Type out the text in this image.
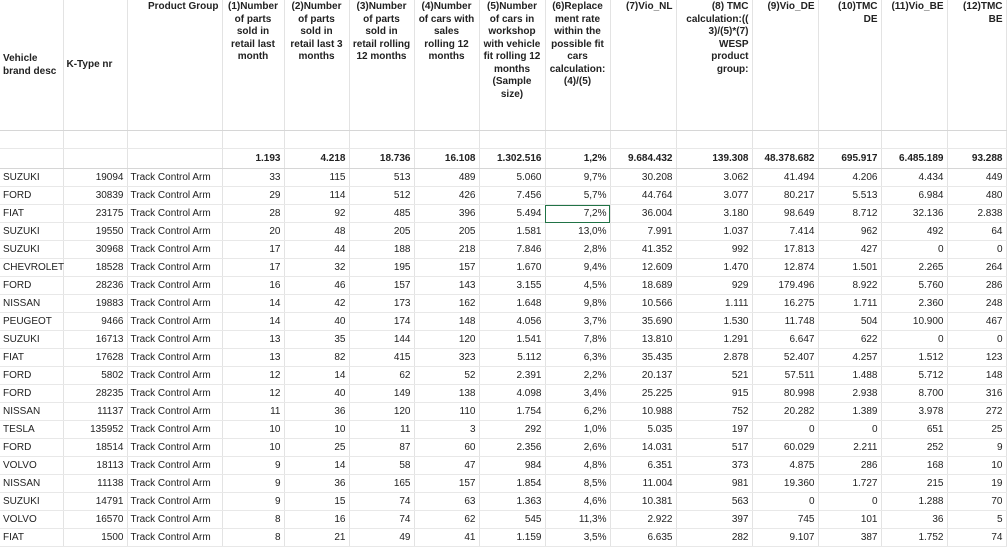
Vehicle brand desc	K-Type nr	Product Group	(1)Number of parts sold in retail last month	(2)Number of parts sold in retail last 3 months	(3)Number of parts sold in retail rolling 12 months	(4)Number of cars with sales rolling 12 months	(5)Number of cars in workshop with vehicle fit rolling 12 months (Sample size)	(6)Replace ment rate within the possible fit cars calculation: (4)/(5)	(7)Vio_NL	(8) TMC calculation:(( 3)/(5)*(7) WESP product group:	(9)Vio_DE	(10)TMC DE	(11)Vio_BE	(12)TMC BE

			1.193	4.218	18.736	16.108	1.302.516	1,2%	9.684.432	139.308	48.378.682	695.917	6.485.189	93.288
SUZUKI	19094	Track Control Arm	33	115	513	489	5.060	9,7%	30.208	3.062	41.494	4.206	4.434	449
FORD	30839	Track Control Arm	29	114	512	426	7.456	5,7%	44.764	3.077	80.217	5.513	6.984	480
FIAT	23175	Track Control Arm	28	92	485	396	5.494	7,2%	36.004	3.180	98.649	8.712	32.136	2.838
SUZUKI	19550	Track Control Arm	20	48	205	205	1.581	13,0%	7.991	1.037	7.414	962	492	64
SUZUKI	30968	Track Control Arm	17	44	188	218	7.846	2,8%	41.352	992	17.813	427	0	0
CHEVROLET	18528	Track Control Arm	17	32	195	157	1.670	9,4%	12.609	1.470	12.874	1.501	2.265	264
FORD	28236	Track Control Arm	16	46	157	143	3.155	4,5%	18.689	929	179.496	8.922	5.760	286
NISSAN	19883	Track Control Arm	14	42	173	162	1.648	9,8%	10.566	1.111	16.275	1.711	2.360	248
PEUGEOT	9466	Track Control Arm	14	40	174	148	4.056	3,7%	35.690	1.530	11.748	504	10.900	467
SUZUKI	16713	Track Control Arm	13	35	144	120	1.541	7,8%	13.810	1.291	6.647	622	0	0
FIAT	17628	Track Control Arm	13	82	415	323	5.112	6,3%	35.435	2.878	52.407	4.257	1.512	123
FORD	5802	Track Control Arm	12	14	62	52	2.391	2,2%	20.137	521	57.511	1.488	5.712	148
FORD	28235	Track Control Arm	12	40	149	138	4.098	3,4%	25.225	915	80.998	2.938	8.700	316
NISSAN	11137	Track Control Arm	11	36	120	110	1.754	6,2%	10.988	752	20.282	1.389	3.978	272
TESLA	135952	Track Control Arm	10	10	11	3	292	1,0%	5.035	197	0	0	651	25
FORD	18514	Track Control Arm	10	25	87	60	2.356	2,6%	14.031	517	60.029	2.211	252	9
VOLVO	18113	Track Control Arm	9	14	58	47	984	4,8%	6.351	373	4.875	286	168	10
NISSAN	11138	Track Control Arm	9	36	165	157	1.854	8,5%	11.004	981	19.360	1.727	215	19
SUZUKI	14791	Track Control Arm	9	15	74	63	1.363	4,6%	10.381	563	0	0	1.288	70
VOLVO	16570	Track Control Arm	8	16	74	62	545	11,3%	2.922	397	745	101	36	5
FIAT	1500	Track Control Arm	8	21	49	41	1.159	3,5%	6.635	282	9.107	387	1.752	74
